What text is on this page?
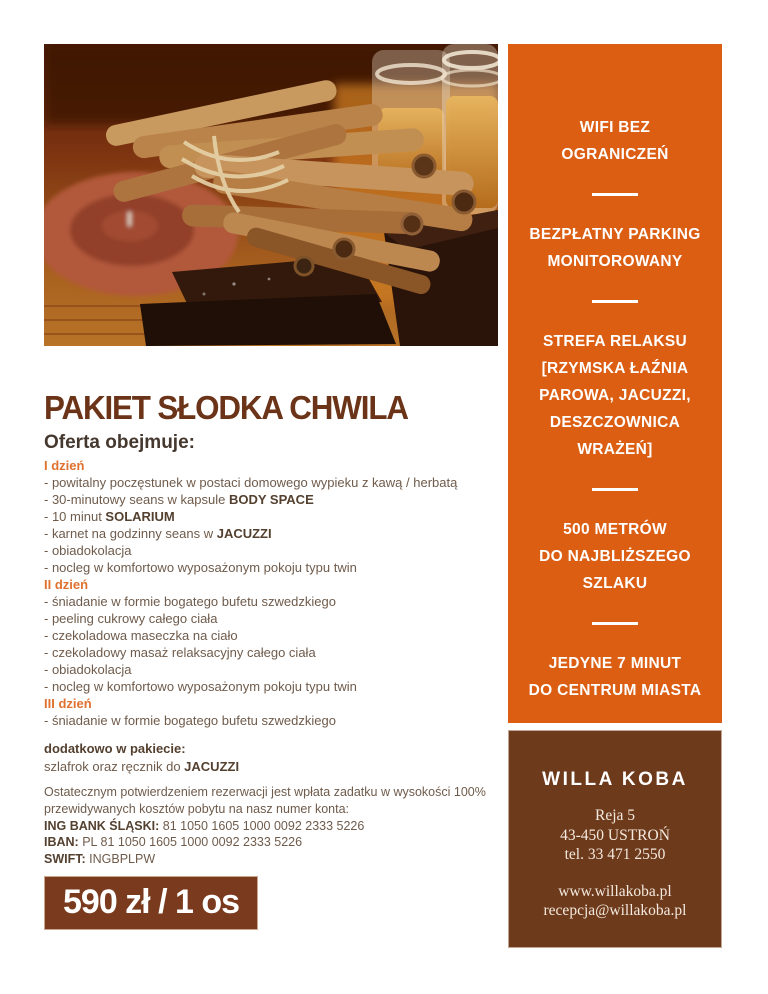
PAKIET SŁODKA CHWILA
Oferta obejmuje:
I dzień
- powitalny poczęstunek w postaci domowego wypieku z kawą / herbatą
- 30-minutowy seans w kapsule BODY SPACE
- 10 minut SOLARIUM
- karnet na godzinny seans w JACUZZI
- obiadokolacja
- nocleg w komfortowo wyposażonym pokoju typu twin
II dzień
- śniadanie w formie bogatego bufetu szwedzkiego
- peeling cukrowy całego ciała
- czekoladowa maseczka na ciało
- czekoladowy masaż relaksacyjny całego ciała
- obiadokolacja
- nocleg w komfortowo wyposażonym pokoju typu twin
III dzień
- śniadanie w formie bogatego bufetu szwedzkiego
dodatkowo w pakiecie:
szlafrok oraz ręcznik do JACUZZI
Ostatecznym potwierdzeniem rezerwacji jest wpłata zadatku w wysokości 100%
przewidywanych kosztów pobytu na nasz numer konta:
ING BANK ŚLĄSKI: 81 1050 1605 1000 0092 2333 5226
IBAN: PL 81 1050 1605 1000 0092 2333 5226
SWIFT: INGBPLPW
590 zł / 1 os
WIFI BEZ
OGRANICZEŃ
BEZPŁATNY PARKING
MONITOROWANY
STREFA RELAKSU
[RZYMSKA ŁAŹNIA
PAROWA, JACUZZI,
DESZCZOWNICA
WRAŻEŃ]
500 METRÓW
DO NAJBLIŻSZEGO
SZLAKU
JEDYNE 7 MINUT
DO CENTRUM MIASTA
WILLA KOBA
Reja 5
43-450 USTROŃ
tel. 33 471 2550
www.willakoba.pl
recepcja@willakoba.pl
